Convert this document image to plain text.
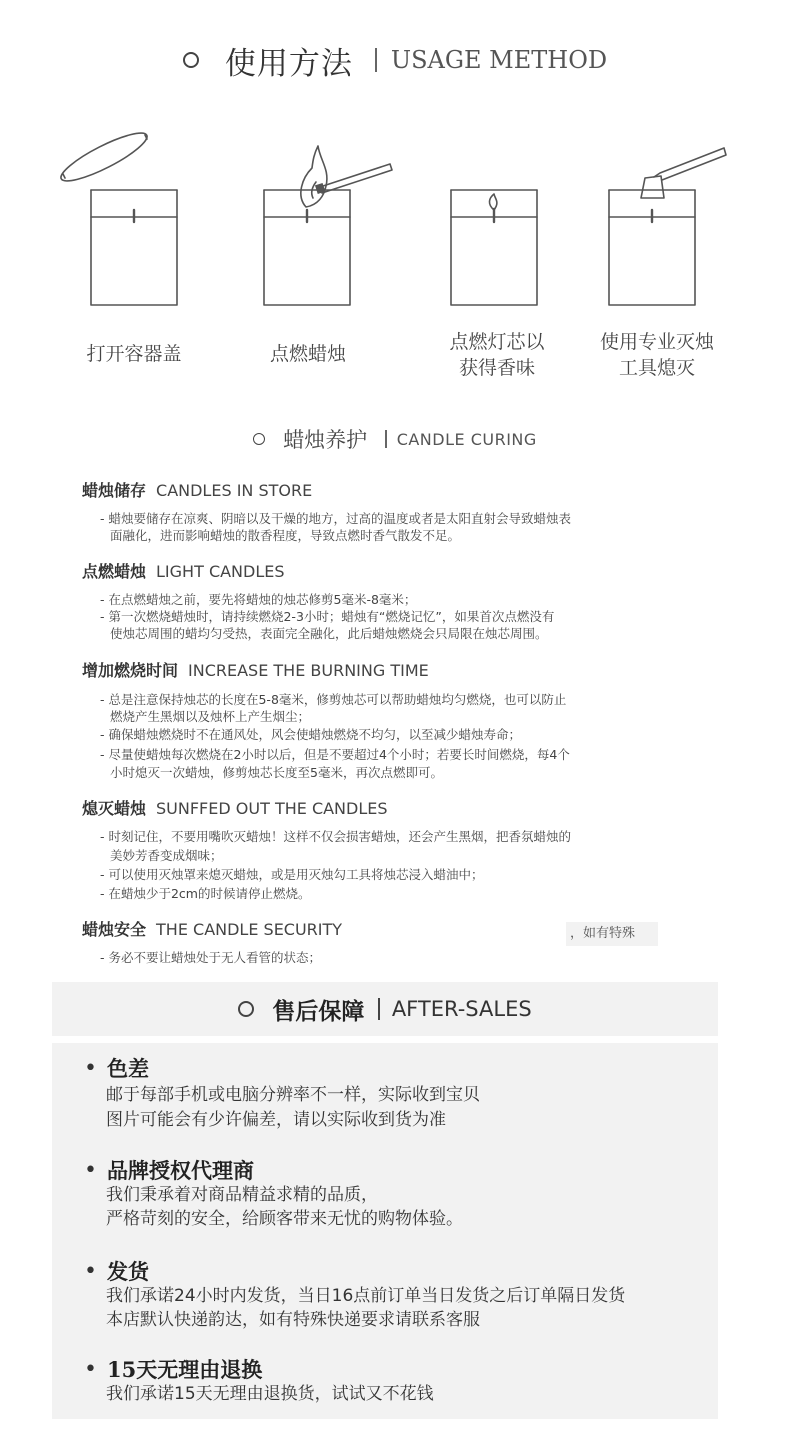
使用方法 USAGE METHOD
打开容器盖	点燃蜡烛
点燃灯芯以
获得香味
使用专业灭烛
工具熄灭
蜡烛养护 CANDLE CURING
蜡烛储存 CANDLES IN STORE
- 蜡烛要储存在凉爽、阴暗以及干燥的地方，过高的温度或者是太阳直射会导致蜡烛表
面融化，进而影响蜡烛的散香程度，导致点燃时香气散发不足。
点燃蜡烛 LIGHT CANDLES
- 在点燃蜡烛之前，要先将蜡烛的烛芯修剪5毫米-8毫米；
- 第一次燃烧蜡烛时，请持续燃烧2-3小时；蜡烛有“燃烧记忆”，如果首次点燃没有
使烛芯周围的蜡均匀受热，表面完全融化，此后蜡烛燃烧会只局限在烛芯周围。
增加燃烧时间 INCREASE THE BURNING TIME
- 总是注意保持烛芯的长度在5-8毫米，修剪烛芯可以帮助蜡烛均匀燃烧，也可以防止
燃烧产生黑烟以及烛杯上产生烟尘；
- 确保蜡烛燃烧时不在通风处，风会使蜡烛燃烧不均匀，以至减少蜡烛寿命；
- 尽量使蜡烛每次燃烧在2小时以后，但是不要超过4个小时；若要长时间燃烧，每4个
小时熄灭一次蜡烛，修剪烛芯长度至5毫米，再次点燃即可。
熄灭蜡烛 SUNFFED OUT THE CANDLES
- 时刻记住，不要用嘴吹灭蜡烛！这样不仅会损害蜡烛，还会产生黑烟，把香氛蜡烛的
美妙芳香变成烟味；
- 可以使用灭烛罩来熄灭蜡烛，或是用灭烛勾工具将烛芯浸入蜡油中；
- 在蜡烛少于2cm的时候请停止燃烧。
蜡烛安全 THE CANDLE SECURITY	，如有特殊
- 务必不要让蜡烛处于无人看管的状态；
售后保障 AFTER-SALES
• 色差
邮于每部手机或电脑分辨率不一样，实际收到宝贝
图片可能会有少许偏差，请以实际收到货为准
• 品牌授权代理商
我们秉承着对商品精益求精的品质，
严格苛刻的安全，给顾客带来无忧的购物体验。
• 发货
我们承诺24小时内发货，当日16点前订单当日发货之后订单隔日发货
本店默认快递韵达，如有特殊快递要求请联系客服
• 15天无理由退换
我们承诺15天无理由退换货，试试又不花钱
